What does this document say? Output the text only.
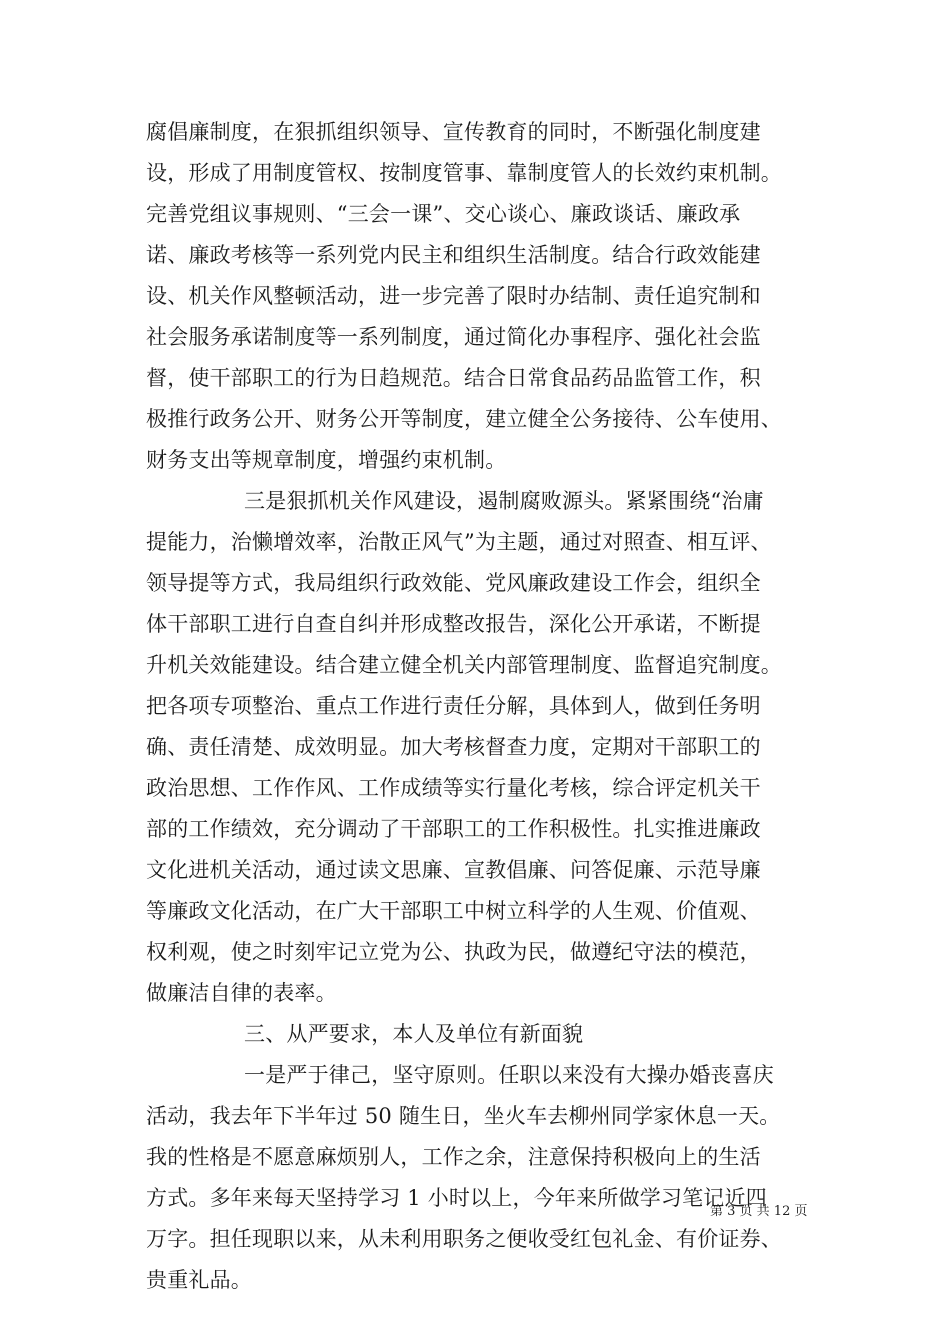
腐倡廉制度，在狠抓组织领导、宣传教育的同时，不断强化制度建
设，形成了用制度管权、按制度管事、靠制度管人的长效约束机制。
完善党组议事规则、“三会一课”、交心谈心、廉政谈话、廉政承
诺、廉政考核等一系列党内民主和组织生活制度。结合行政效能建
设、机关作风整顿活动，进一步完善了限时办结制、责任追究制和
社会服务承诺制度等一系列制度，通过简化办事程序、强化社会监
督，使干部职工的行为日趋规范。结合日常食品药品监管工作，积
极推行政务公开、财务公开等制度，建立健全公务接待、公车使用、
财务支出等规章制度，增强约束机制。
三是狠抓机关作风建设，遏制腐败源头。紧紧围绕“治庸
提能力，治懒增效率，治散正风气”为主题，通过对照查、相互评、
领导提等方式，我局组织行政效能、党风廉政建设工作会，组织全
体干部职工进行自查自纠并形成整改报告，深化公开承诺，不断提
升机关效能建设。结合建立健全机关内部管理制度、监督追究制度。
把各项专项整治、重点工作进行责任分解，具体到人，做到任务明
确、责任清楚、成效明显。加大考核督查力度，定期对干部职工的
政治思想、工作作风、工作成绩等实行量化考核，综合评定机关干
部的工作绩效，充分调动了干部职工的工作积极性。扎实推进廉政
文化进机关活动，通过读文思廉、宣教倡廉、问答促廉、示范导廉
等廉政文化活动，在广大干部职工中树立科学的人生观、价值观、
权利观，使之时刻牢记立党为公、执政为民，做遵纪守法的模范，
做廉洁自律的表率。
三、从严要求，本人及单位有新面貌
一是严于律己，坚守原则。任职以来没有大操办婚丧喜庆
活动，我去年下半年过 50 随生日，坐火车去柳州同学家休息一天。
我的性格是不愿意麻烦别人，工作之余，注意保持积极向上的生活
方式。多年来每天坚持学习 1 小时以上，今年来所做学习笔记近四
万字。担任现职以来，从未利用职务之便收受红包礼金、有价证券、
贵重礼品。
第 3 页 共 12 页
